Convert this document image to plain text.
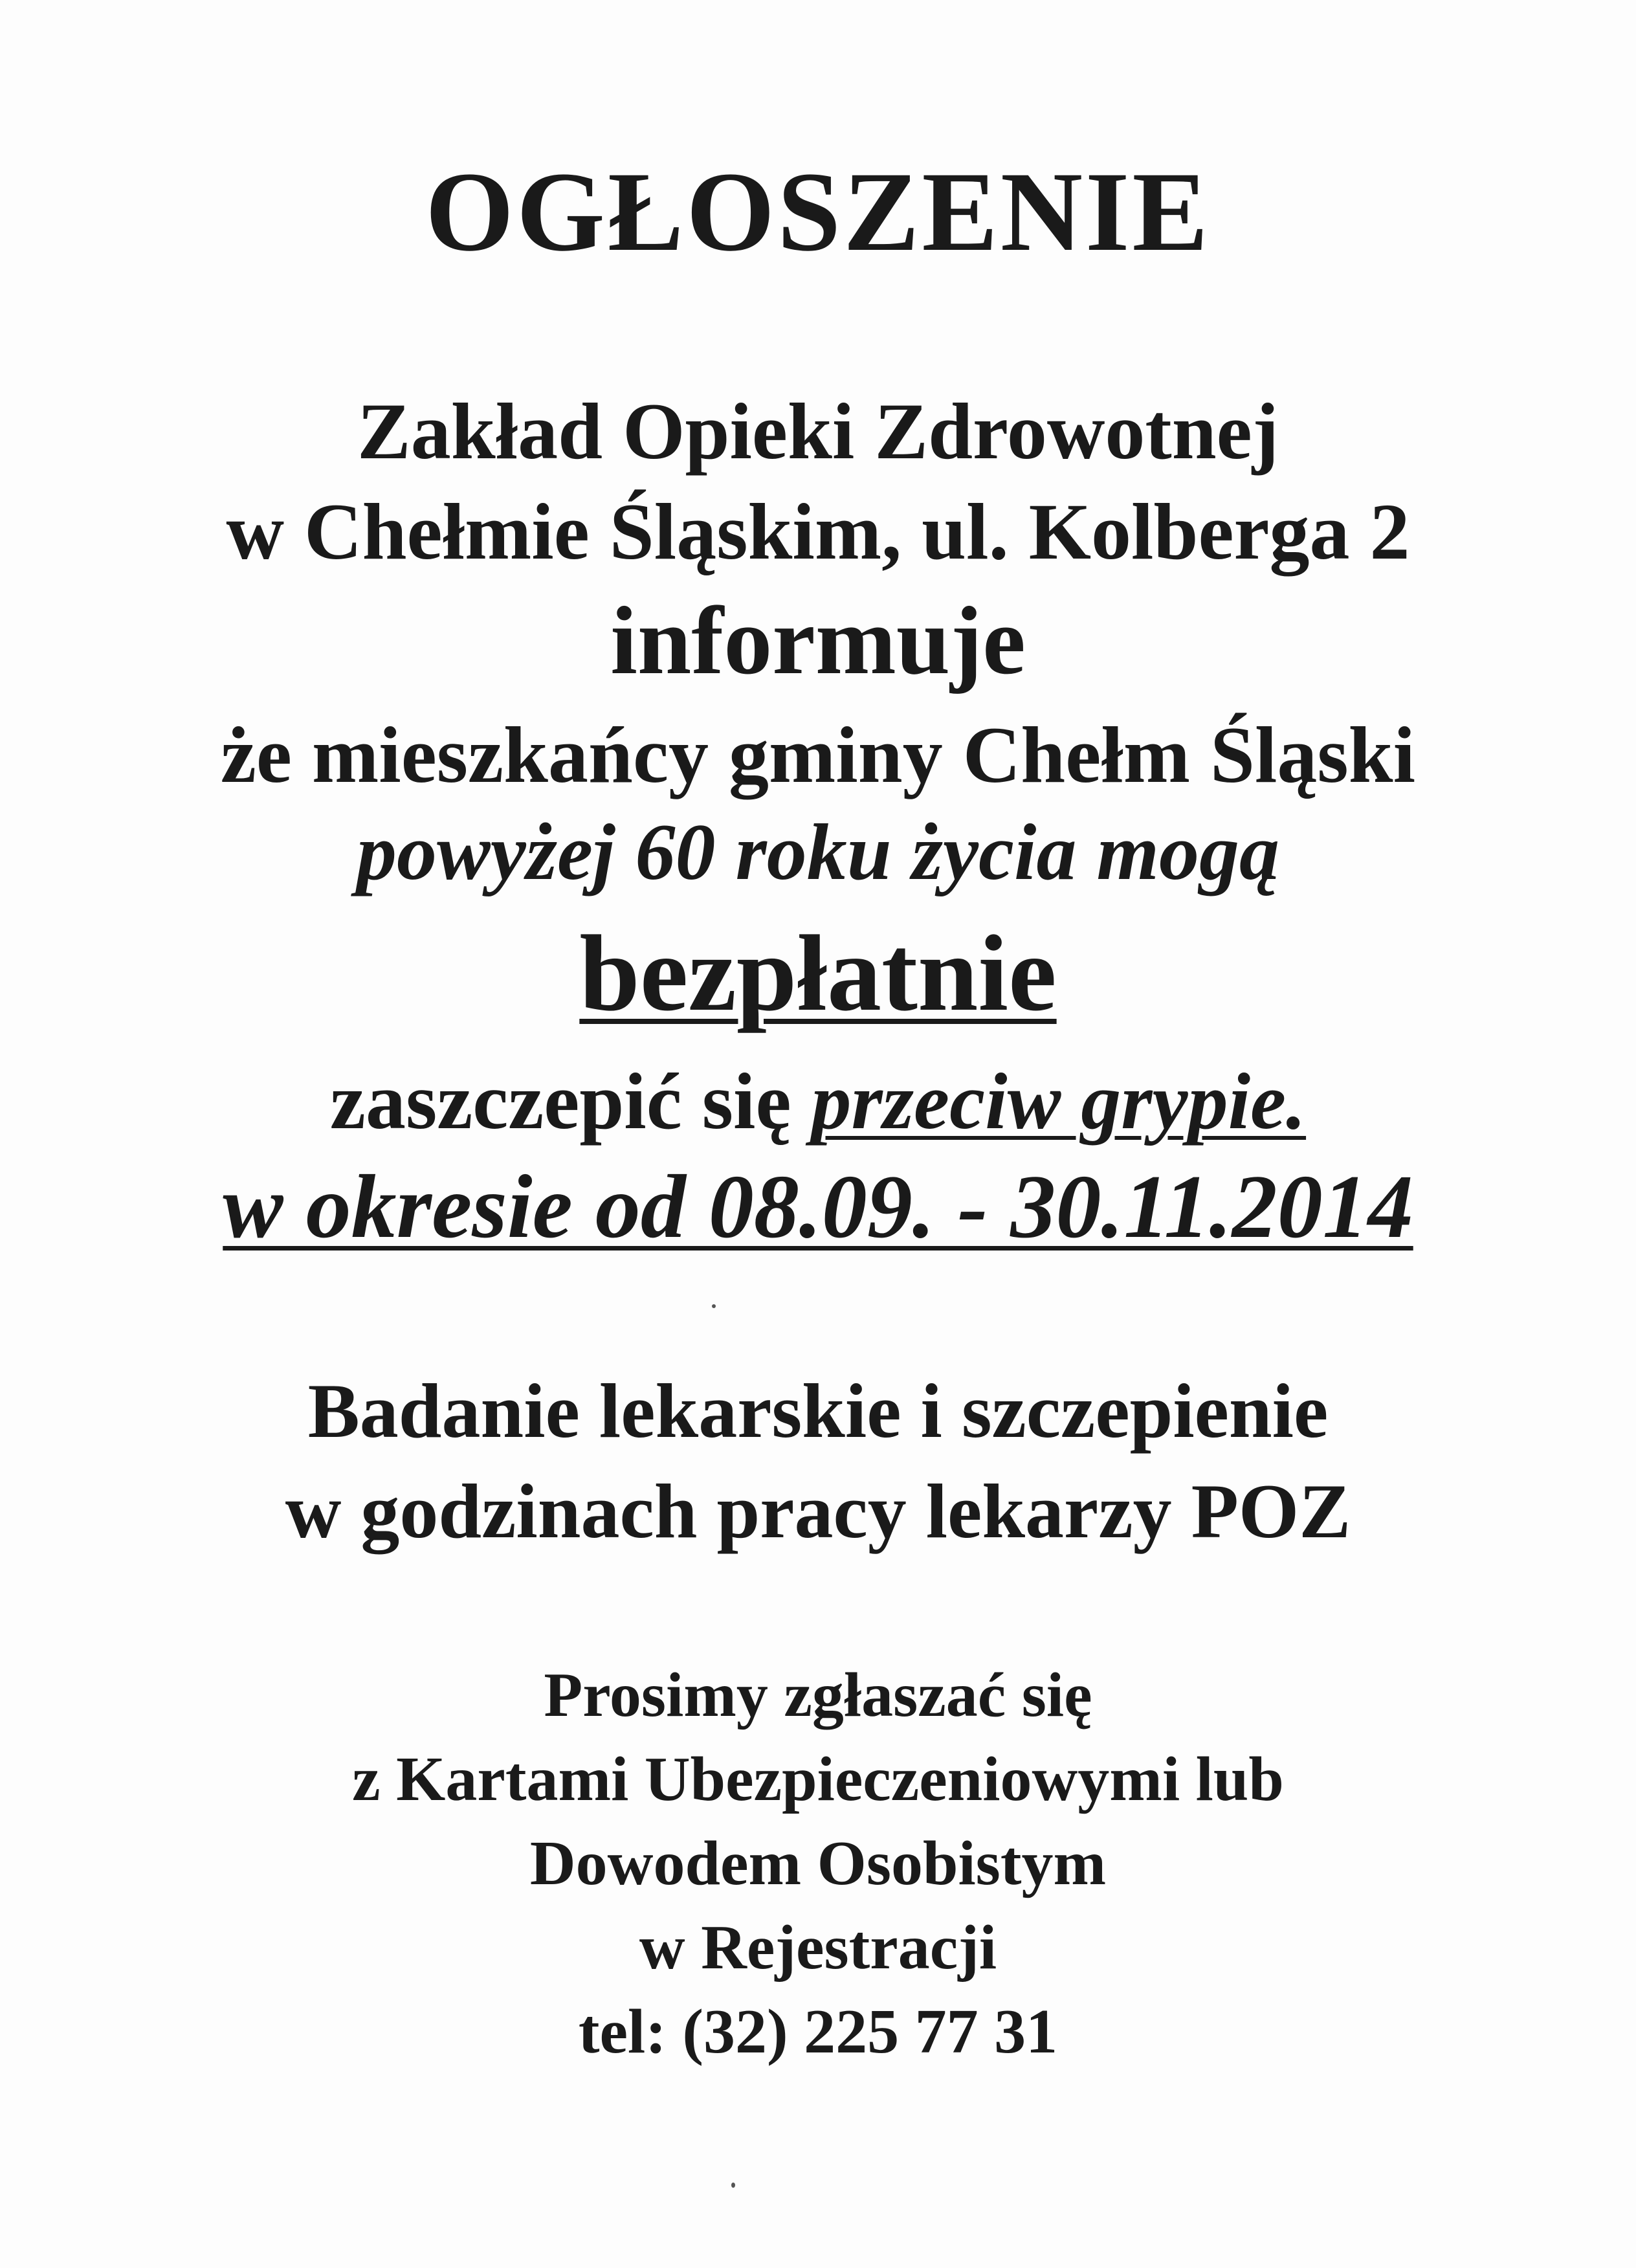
OGŁOSZENIE
Zakład Opieki Zdrowotnej
w Chełmie Śląskim, ul. Kolberga 2
informuje
że mieszkańcy gminy Chełm Śląski
powyżej 60 roku życia mogą
bezpłatnie
zaszczepić się przeciw grypie.
w okresie od 08.09. - 30.11.2014
Badanie lekarskie i szczepienie
w godzinach pracy lekarzy POZ
Prosimy zgłaszać się
z Kartami Ubezpieczeniowymi lub
Dowodem Osobistym
w Rejestracji
tel: (32) 225 77 31
